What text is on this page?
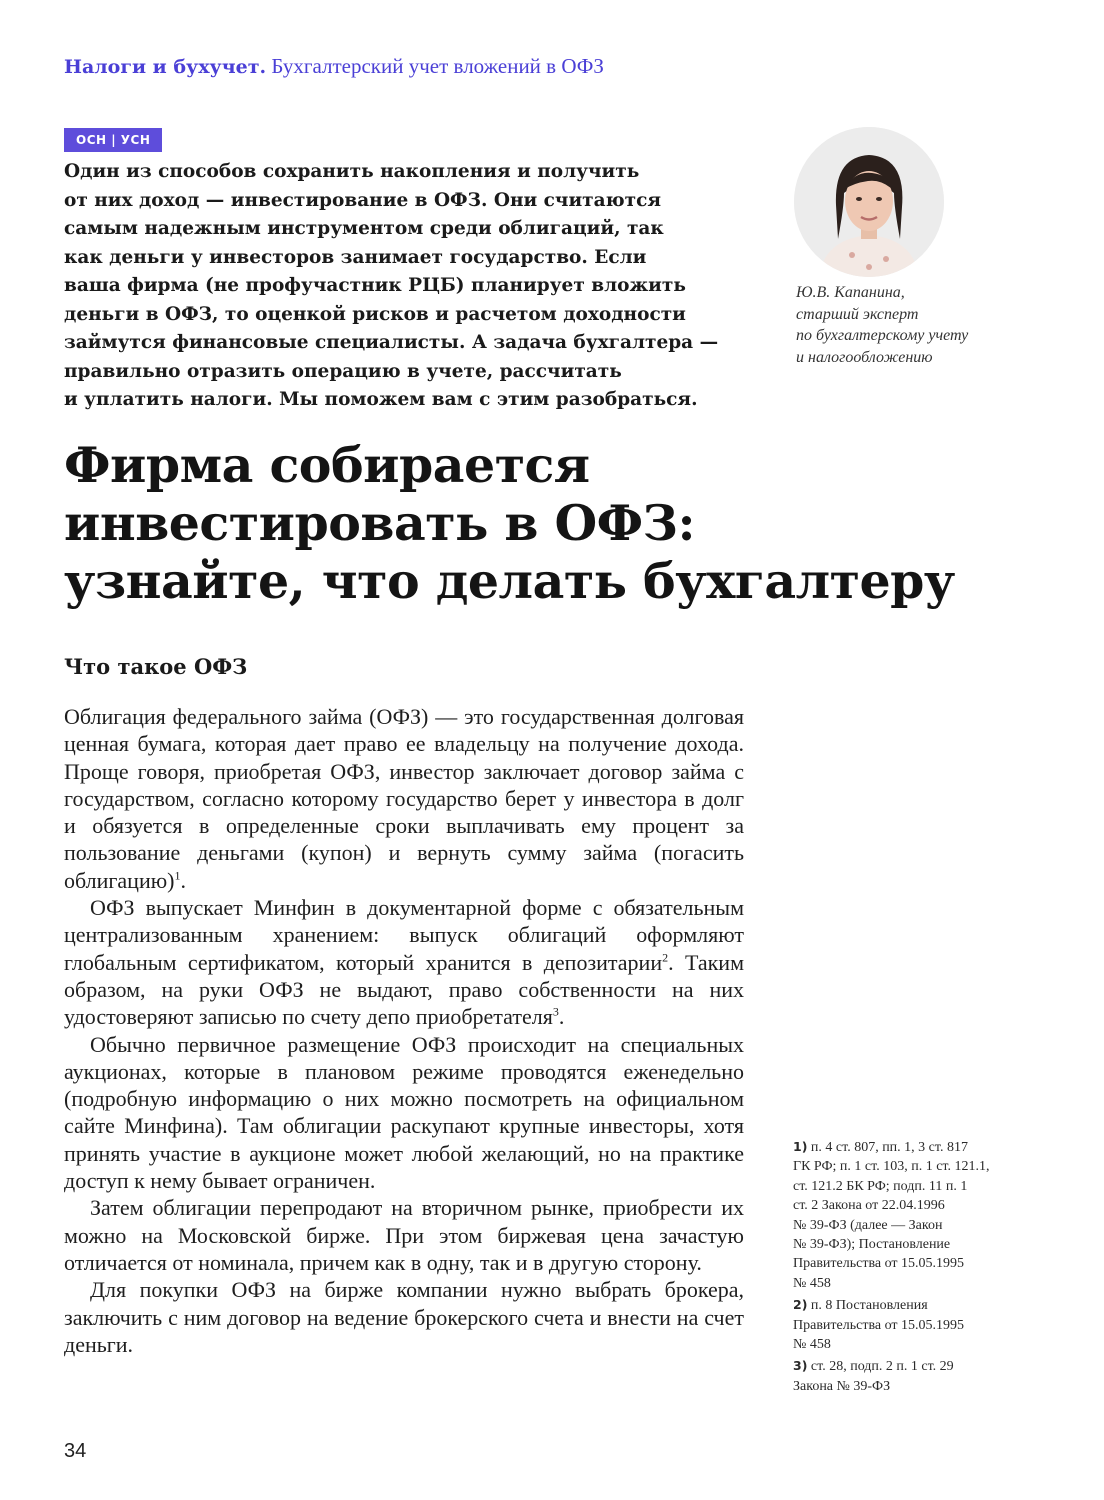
Налоги и бухучет. Бухгалтерский учет вложений в ОФЗ
ОСН | УСН
Один из способов сохранить накопления и получить
от них доход — инвестирование в ОФЗ. Они считаются
самым надежным инструментом среди облигаций, так
как деньги у инвесторов занимает государство. Если
ваша фирма (не профучастник РЦБ) планирует вложить
деньги в ОФЗ, то оценкой рисков и расчетом доходности
займутся финансовые специалисты. А задача бухгалтера —
правильно отразить операцию в учете, рассчитать
и уплатить налоги. Мы поможем вам с этим разобраться.
Ю.В. Капанина,
старший эксперт
по бухгалтерскому учету
и налогообложению
Фирма собирается
инвестировать в ОФЗ:
узнайте, что делать бухгалтеру
Что такое ОФЗ

Облигация федерального займа (ОФЗ) — это государственная долговая ценная бумага, которая дает право ее владельцу на получение дохода. Проще говоря, приобретая ОФЗ, инвестор заключает договор займа с государством, согласно которому государство берет у инвестора в долг и обязуется в определенные сроки выплачивать ему процент за пользование деньгами (купон) и вернуть сумму займа (погасить облигацию)$^1$.

ОФЗ выпускает Минфин в документарной форме с обязательным централизованным хранением: выпуск облигаций оформляют глобальным сертификатом, который хранится в депозитарии$^2$. Таким образом, на руки ОФЗ не выдают, право собственности на них удостоверяют записью по счету депо приобретателя$^3$.

Обычно первичное размещение ОФЗ происходит на специальных аукционах, которые в плановом режиме проводятся еженедельно (подробную информацию о них можно посмотреть на официальном сайте Минфина). Там облигации раскупают крупные инвесторы, хотя принять участие в аукционе может любой желающий, но на практике доступ к нему бывает ограничен.

Затем облигации перепродают на вторичном рынке, приобрести их можно на Московской бирже. При этом биржевая цена зачастую отличается от номинала, причем как в одну, так и в другую сторону.

Для покупки ОФЗ на бирже компании нужно выбрать брокера, заключить с ним договор на ведение брокерского счета и внести на счет деньги.

1) п. 4 ст. 807, пп. 1, 3 ст. 817
ГК РФ; п. 1 ст. 103, п. 1 ст. 121.1,
ст. 121.2 БК РФ; подп. 11 п. 1
ст. 2 Закона от 22.04.1996
№ 39-ФЗ (далее — Закон
№ 39-ФЗ); Постановление
Правительства от 15.05.1995
№ 458
2) п. 8 Постановления
Правительства от 15.05.1995
№ 458
3) ст. 28, подп. 2 п. 1 ст. 29
Закона № 39-ФЗ
34
